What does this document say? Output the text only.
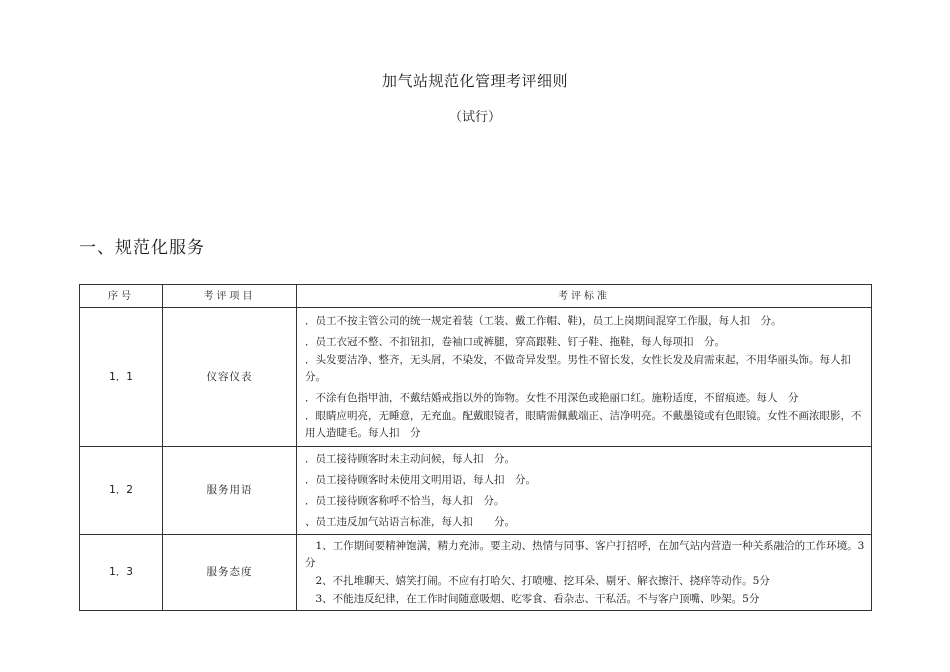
加气站规范化管理考评细则
（试行）
一、规范化服务
序号	考评项目	考评标准
1．1	仪容仪表	．员工不按主管公司的统一规定着装（工装、戴工作帽、鞋)，员工上岗期间混穿工作服，每人扣　分。
．员工衣冠不整、不扣钮扣，卷袖口或裤腿，穿高跟鞋、钉子鞋、拖鞋，每人每项扣　分。
．头发要洁净、整齐，无头屑，不染发，不做奇异发型。男性不留长发，女性长发及肩需束起，不用华丽头饰。每人扣　分。
．不涂有色指甲油，不戴结婚戒指以外的饰物。女性不用深色或艳丽口红。施粉适度，不留痕迹。每人　分
．眼睛应明亮，无睡意，无充血。配戴眼镜者，眼睛需佩戴端正、洁净明亮。不戴墨镜或有色眼镜。女性不画浓眼影，不用人造睫毛。每人扣　分

1．2	服务用语	．员工接待顾客时未主动问候，每人扣　分。
．员工接待顾客时未使用文明用语，每人扣　分。
．员工接待顾客称呼不恰当，每人扣　分。
、员工违反加气站语言标准，每人扣　　分。

1．3	服务态度	　1、工作期间要精神饱满，精力充沛。要主动、热情与同事、客户打招呼，在加气站内营造一种关系融洽的工作环境。3分
　2、不扎堆聊天、嬉笑打闹。不应有打哈欠、打喷嚏、挖耳朵、剔牙、解衣擦汗、挠痒等动作。5分
　3、不能违反纪律，在工作时间随意吸烟、吃零食、看杂志、干私活。不与客户顶嘴、吵架。5分
